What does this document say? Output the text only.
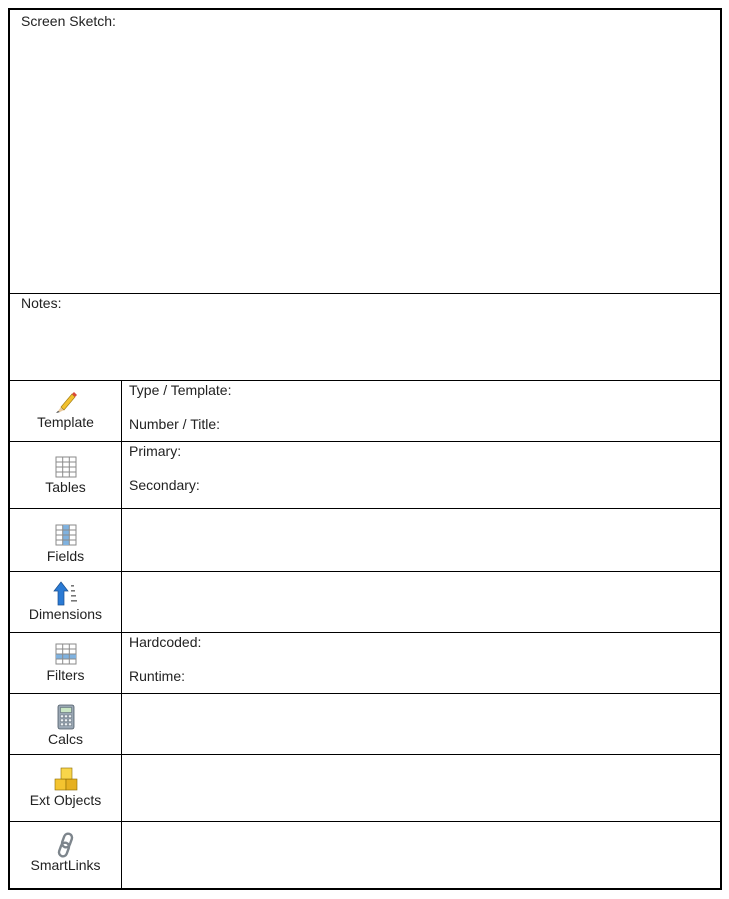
Screen Sketch:
Notes:
Template
Type / Template:
Number / Title:
Tables
Primary:
Secondary:
Fields
Dimensions
Filters
Hardcoded:
Runtime:
Calcs
Ext Objects
SmartLinks
